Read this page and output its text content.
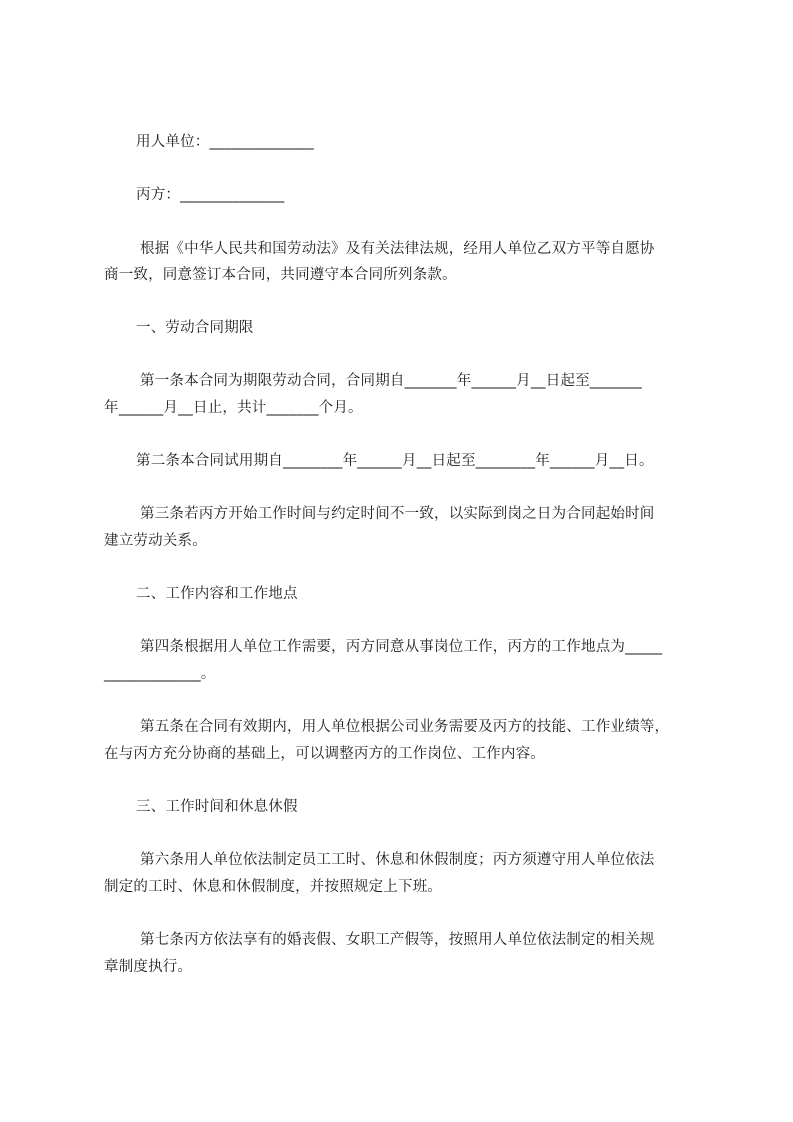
用人单位：______________
丙方：______________
根据《中华人民共和国劳动法》及有关法律法规，经用人单位乙双方平等自愿协
商一致，同意签订本合同，共同遵守本合同所列条款。
一、劳动合同期限
第一条本合同为期限劳动合同，合同期自_______年______月__日起至_______
年______月__日止，共计_______个月。
第二条本合同试用期自________年______月__日起至________年______月__日。
第三条若丙方开始工作时间与约定时间不一致，以实际到岗之日为合同起始时间
建立劳动关系。
二、工作内容和工作地点
第四条根据用人单位工作需要，丙方同意从事岗位工作，丙方的工作地点为_____
_____________。
第五条在合同有效期内，用人单位根据公司业务需要及丙方的技能、工作业绩等，
在与丙方充分协商的基础上，可以调整丙方的工作岗位、工作内容。
三、工作时间和休息休假
第六条用人单位依法制定员工工时、休息和休假制度；丙方须遵守用人单位依法
制定的工时、休息和休假制度，并按照规定上下班。
第七条丙方依法享有的婚丧假、女职工产假等，按照用人单位依法制定的相关规
章制度执行。
